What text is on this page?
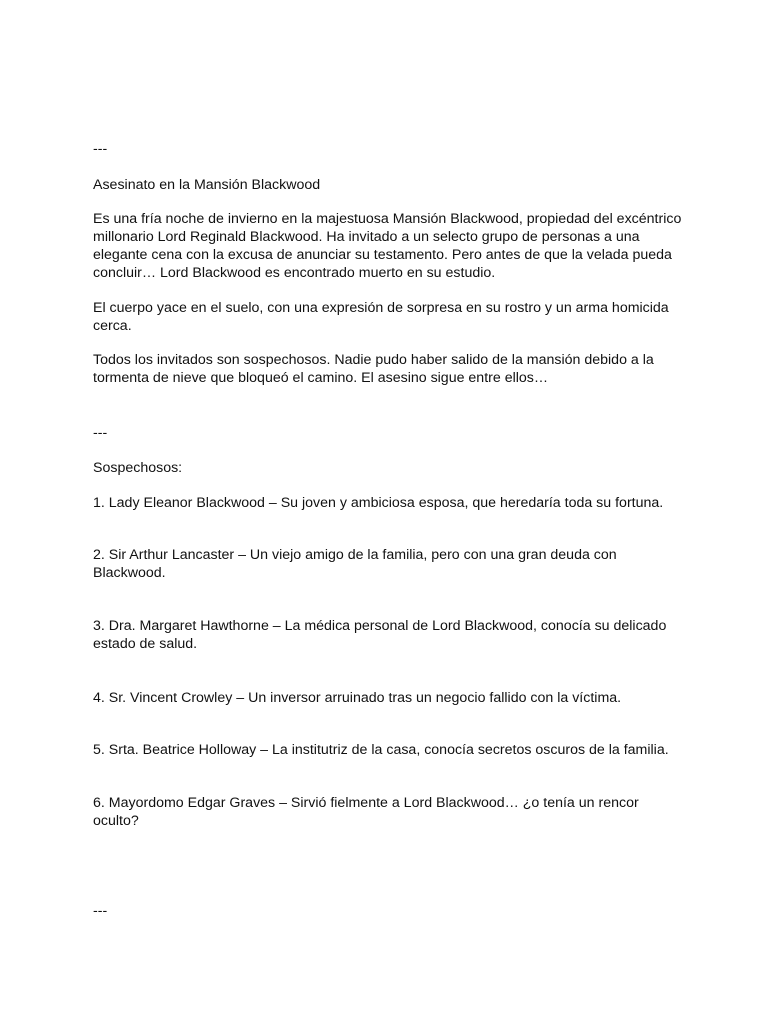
---

Asesinato en la Mansión Blackwood

Es una fría noche de invierno en la majestuosa Mansión Blackwood, propiedad del excéntrico millonario Lord Reginald Blackwood. Ha invitado a un selecto grupo de personas a una elegante cena con la excusa de anunciar su testamento. Pero antes de que la velada pueda concluir… Lord Blackwood es encontrado muerto en su estudio.

El cuerpo yace en el suelo, con una expresión de sorpresa en su rostro y un arma homicida cerca.

Todos los invitados son sospechosos. Nadie pudo haber salido de la mansión debido a la tormenta de nieve que bloqueó el camino. El asesino sigue entre ellos…

---

Sospechosos:

1. Lady Eleanor Blackwood – Su joven y ambiciosa esposa, que heredaría toda su fortuna.

2. Sir Arthur Lancaster – Un viejo amigo de la familia, pero con una gran deuda con Blackwood.

3. Dra. Margaret Hawthorne – La médica personal de Lord Blackwood, conocía su delicado estado de salud.

4. Sr. Vincent Crowley – Un inversor arruinado tras un negocio fallido con la víctima.

5. Srta. Beatrice Holloway – La institutriz de la casa, conocía secretos oscuros de la familia.

6. Mayordomo Edgar Graves – Sirvió fielmente a Lord Blackwood… ¿o tenía un rencor oculto?

---
